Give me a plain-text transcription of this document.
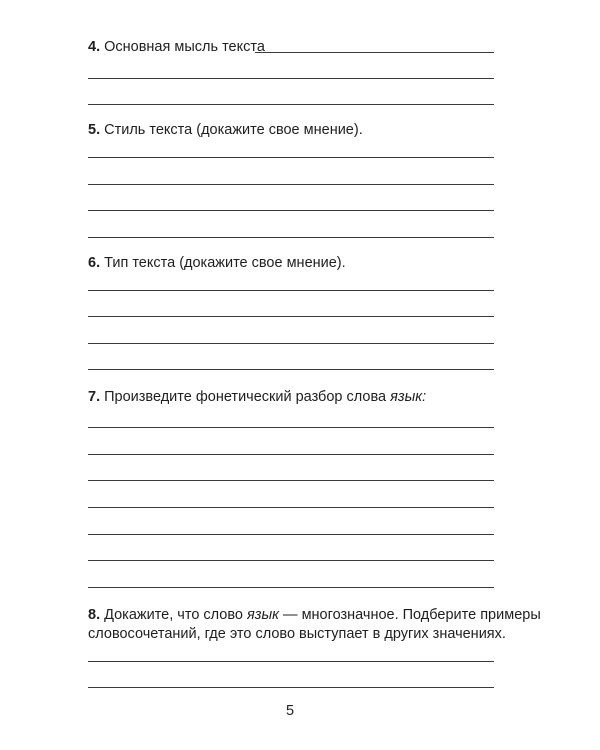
4. Основная мысль текста
5. Стиль текста (докажите свое мнение).
6. Тип текста (докажите свое мнение).
7. Произведите фонетический разбор слова язык:
8. Докажите, что слово язык — многозначное. Подберите примеры
словосочетаний, где это слово выступает в других значениях.
5
